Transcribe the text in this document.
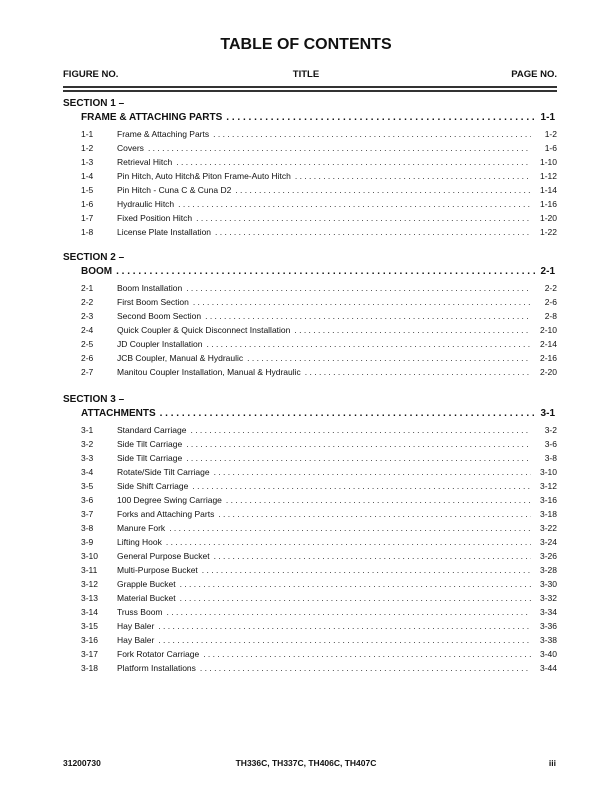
TABLE OF CONTENTS
FIGURE NO.	TITLE	PAGE NO.
SECTION 1 –
FRAME & ATTACHING PARTS . . .	1-1
1-1	Frame & Attaching Parts . . .	1-2
1-2	Covers . . .	1-6
1-3	Retrieval Hitch . . .	1-10
1-4	Pin Hitch, Auto Hitch& Piton Frame-Auto Hitch . . .	1-12
1-5	Pin Hitch - Cuna C & Cuna D2 . . .	1-14
1-6	Hydraulic Hitch . . .	1-16
1-7	Fixed Position Hitch . . .	1-20
1-8	License Plate Installation . . .	1-22
SECTION 2 –
BOOM . . .	2-1
2-1	Boom Installation . . .	2-2
2-2	First Boom Section . . .	2-6
2-3	Second Boom Section . . .	2-8
2-4	Quick Coupler & Quick Disconnect Installation . . .	2-10
2-5	JD Coupler Installation . . .	2-14
2-6	JCB Coupler, Manual & Hydraulic . . .	2-16
2-7	Manitou Coupler Installation, Manual & Hydraulic . . .	2-20
SECTION 3 –
ATTACHMENTS . . .	3-1
3-1	Standard Carriage . . .	3-2
3-2	Side Tilt Carriage . . .	3-6
3-3	Side Tilt Carriage . . .	3-8
3-4	Rotate/Side Tilt Carriage . . .	3-10
3-5	Side Shift Carriage . . .	3-12
3-6	100 Degree Swing Carriage . . .	3-16
3-7	Forks and Attaching Parts . . .	3-18
3-8	Manure Fork . . .	3-22
3-9	Lifting Hook . . .	3-24
3-10	General Purpose Bucket . . .	3-26
3-11	Multi-Purpose Bucket . . .	3-28
3-12	Grapple Bucket . . .	3-30
3-13	Material Bucket . . .	3-32
3-14	Truss Boom . . .	3-34
3-15	Hay Baler . . .	3-36
3-16	Hay Baler . . .	3-38
3-17	Fork Rotator Carriage . . .	3-40
3-18	Platform Installations . . .	3-44
31200730	TH336C, TH337C, TH406C, TH407C	iii
